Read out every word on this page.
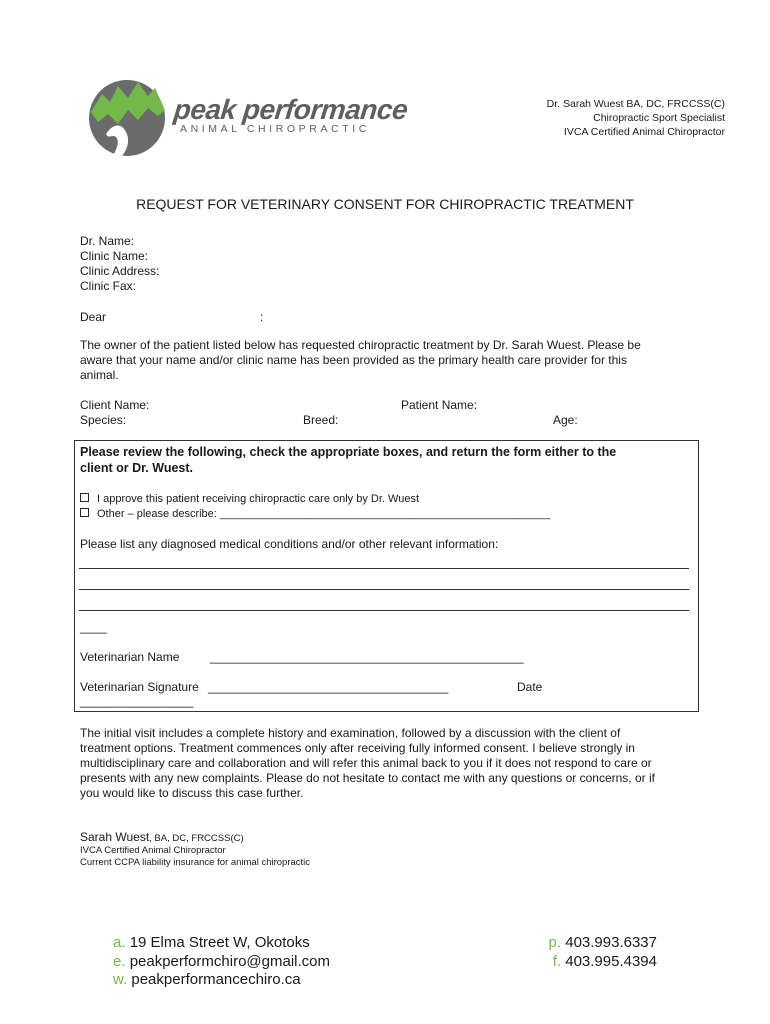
peak performance
ANIMAL CHIROPRACTIC
Dr. Sarah Wuest BA, DC, FRCCSS(C)
Chiropractic Sport Specialist
IVCA Certified Animal Chiropractor
REQUEST FOR VETERINARY CONSENT FOR CHIROPRACTIC TREATMENT
Dr. Name:
Clinic Name:
Clinic Address:
Clinic Fax:
Dear	:
The owner of the patient listed below has requested chiropractic treatment by Dr. Sarah Wuest. Please be
aware that your name and/or clinic name has been provided as the primary health care provider for this
animal.
Client Name:	Patient Name:
Species:	Breed:	Age:
Please review the following, check the appropriate boxes, and return the form either to the
client or Dr. Wuest.
I approve this patient receiving chiropractic care only by Dr. Wuest
Other – please describe: ______________________________________________________
Please list any diagnosed medical conditions and/or other relevant information:
____
Veterinarian Name	_______________________________________________
Veterinarian Signature ____________________________________	Date
_________________
The initial visit includes a complete history and examination, followed by a discussion with the client of
treatment options. Treatment commences only after receiving fully informed consent. I believe strongly in
multidisciplinary care and collaboration and will refer this animal back to you if it does not respond to care or
presents with any new complaints. Please do not hesitate to contact me with any questions or concerns, or if
you would like to discuss this case further.
Sarah Wuest, BA, DC, FRCCSS(C)
IVCA Certified Animal Chiropractor
Current CCPA liability insurance for animal chiropractic
a. 19 Elma Street W, Okotoks
e. peakperformchiro@gmail.com
w. peakperformancechiro.ca
p. 403.993.6337
f. 403.995.4394
